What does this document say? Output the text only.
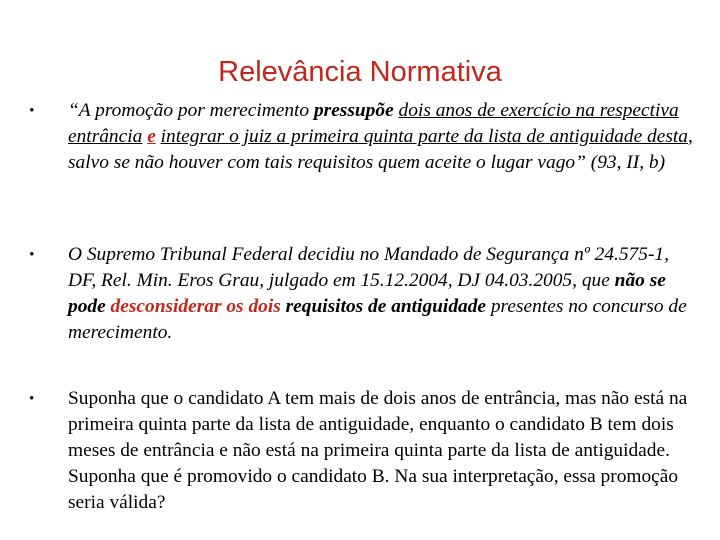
Relevância Normativa
• “A promoção por merecimento pressupõe dois anos de exercício na respectiva entrância e integrar o juiz a primeira quinta parte da lista de antiguidade desta, salvo se não houver com tais requisitos quem aceite o lugar vago” (93, II, b)
• O Supremo Tribunal Federal decidiu no Mandado de Segurança nº 24.575-1, DF, Rel. Min. Eros Grau, julgado em 15.12.2004, DJ 04.03.2005, que não se pode desconsiderar os dois requisitos de antiguidade presentes no concurso de merecimento.
• Suponha que o candidato A tem mais de dois anos de entrância, mas não está na primeira quinta parte da lista de antiguidade, enquanto o candidato B tem dois meses de entrância e não está na primeira quinta parte da lista de antiguidade. Suponha que é promovido o candidato B. Na sua interpretação, essa promoção seria válida?
